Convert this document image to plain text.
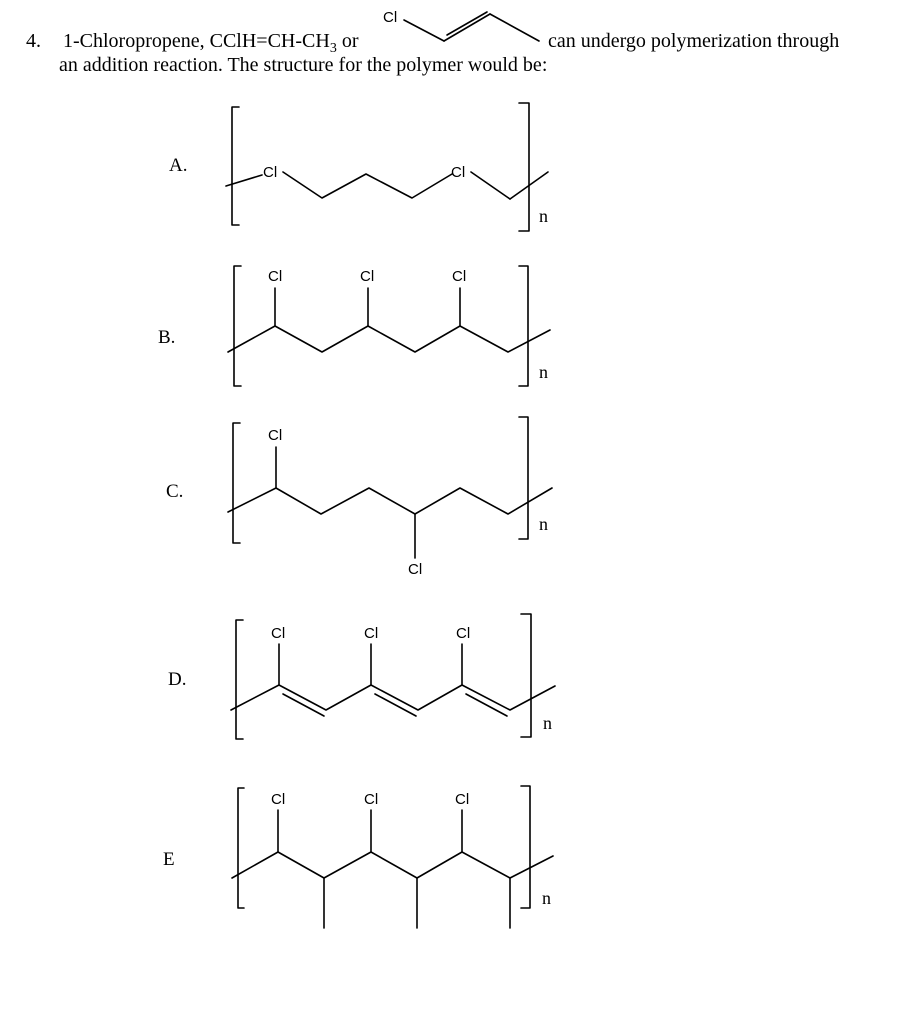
4. 1-Chloropropene, $CClH=CH-CH_3$ or	can undergo polymerization through
an addition reaction. The structure for the polymer would be:
A.
B.
C.
D.
E
Cl
Cl	Cl
n
Cl	Cl	Cl
n
Cl
Cl
n
Cl	Cl	Cl
n
Cl	Cl	Cl
n
